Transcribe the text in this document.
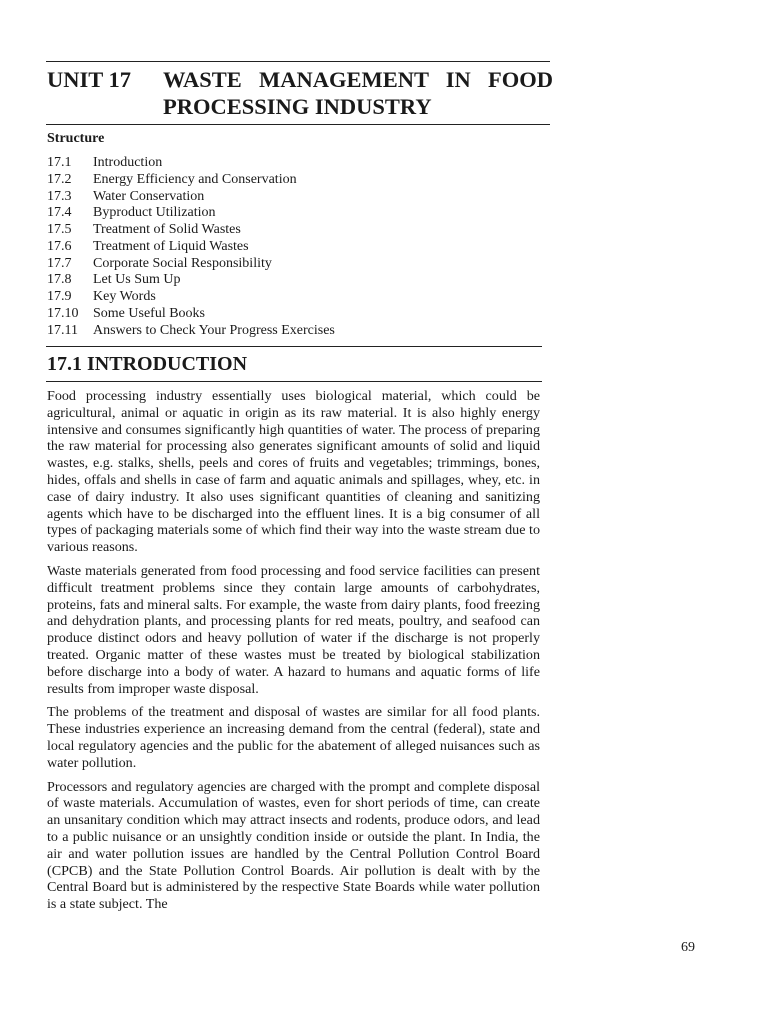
UNIT 17 WASTE MANAGEMENT IN FOOD
PROCESSING INDUSTRY
Structure
17.1 Introduction
17.2 Energy Efficiency and Conservation
17.3 Water Conservation
17.4 Byproduct Utilization
17.5 Treatment of Solid Wastes
17.6 Treatment of Liquid Wastes
17.7 Corporate Social Responsibility
17.8 Let Us Sum Up
17.9 Key Words
17.10 Some Useful Books
17.11 Answers to Check Your Progress Exercises
17.1 INTRODUCTION

Food processing industry essentially uses biological material, which could be agricultural, animal or aquatic in origin as its raw material. It is also highly energy intensive and consumes significantly high quantities of water. The process of preparing the raw material for processing also generates significant amounts of solid and liquid wastes, e.g. stalks, shells, peels and cores of fruits and vegetables; trimmings, bones, hides, offals and shells in case of farm and aquatic animals and spillages, whey, etc. in case of dairy industry. It also uses significant quantities of cleaning and sanitizing agents which have to be discharged into the effluent lines. It is a big consumer of all types of packaging materials some of which find their way into the waste stream due to various reasons.

Waste materials generated from food processing and food service facilities can present difficult treatment problems since they contain large amounts of carbohydrates, proteins, fats and mineral salts. For example, the waste from dairy plants, food freezing and dehydration plants, and processing plants for red meats, poultry, and seafood can produce distinct odors and heavy pollution of water if the discharge is not properly treated. Organic matter of these wastes must be treated by biological stabilization before discharge into a body of water. A hazard to humans and aquatic forms of life results from improper waste disposal.

The problems of the treatment and disposal of wastes are similar for all food plants. These industries experience an increasing demand from the central (federal), state and local regulatory agencies and the public for the abatement of alleged nuisances such as water pollution.

Processors and regulatory agencies are charged with the prompt and complete disposal of waste materials. Accumulation of wastes, even for short periods of time, can create an unsanitary condition which may attract insects and rodents, produce odors, and lead to a public nuisance or an unsightly condition inside or outside the plant. In India, the air and water pollution issues are handled by the Central Pollution Control Board (CPCB) and the State Pollution Control Boards. Air pollution is dealt with by the Central Board but is administered by the respective State Boards while water pollution is a state subject. The

69
